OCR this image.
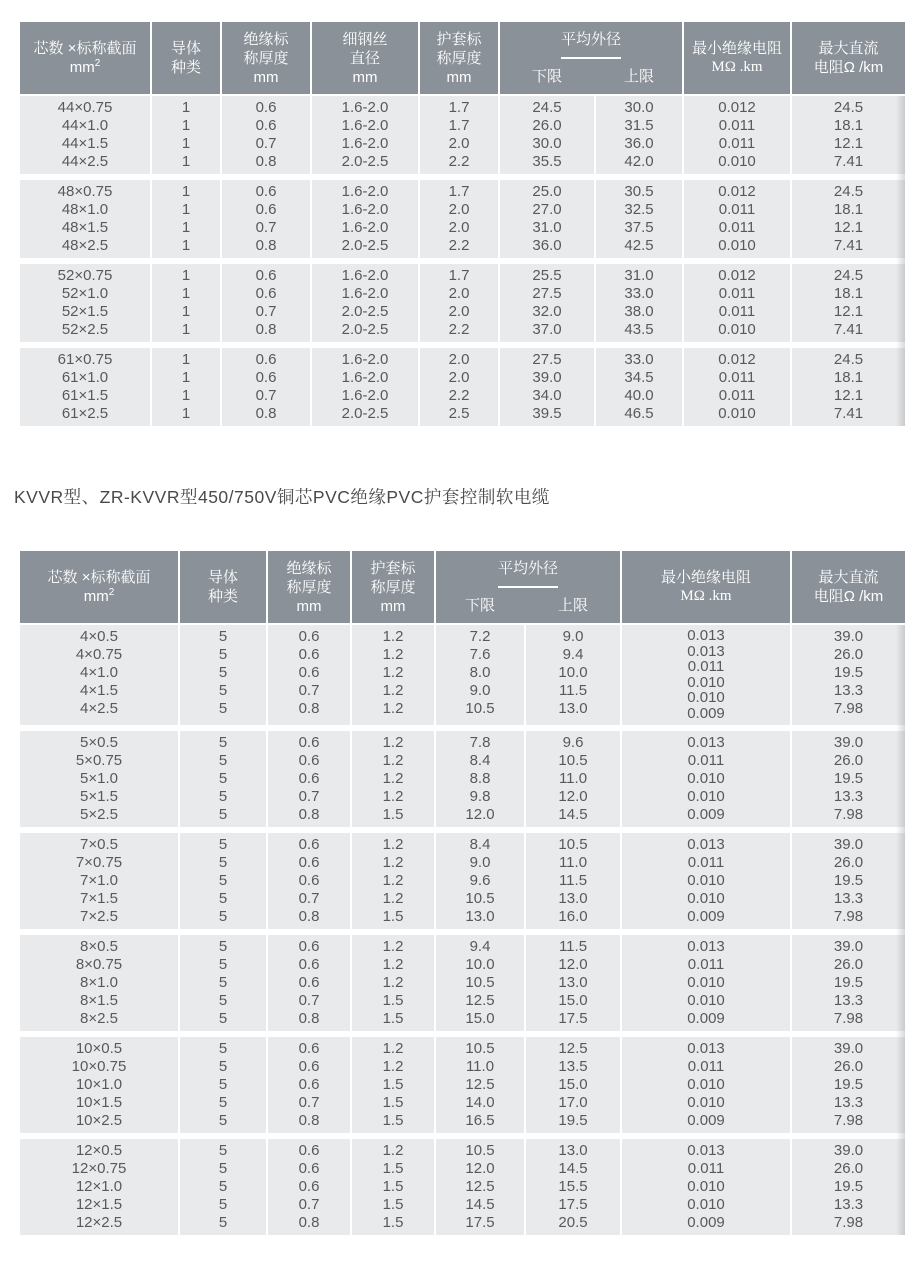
芯数 ×标称截面
$mm^2$
导体
种类
绝缘标
称厚度
mm
细钢丝
直径
mm
护套标
称厚度
mm
平均外径
下限	上限
最小绝缘电阻
MΩ .km
最大直流
电阻Ω /km
44×0.75
44×1.0
44×1.5
44×2.5
1
1
1
1
0.6
0.6
0.7
0.8
1.6-2.0
1.6-2.0
1.6-2.0
2.0-2.5
1.7
1.7
2.0
2.2
24.5
26.0
30.0
35.5
30.0
31.5
36.0
42.0
0.012
0.011
0.011
0.010
24.5
18.1
12.1
7.41
48×0.75
48×1.0
48×1.5
48×2.5
1
1
1
1
0.6
0.6
0.7
0.8
1.6-2.0
1.6-2.0
1.6-2.0
2.0-2.5
1.7
2.0
2.0
2.2
25.0
27.0
31.0
36.0
30.5
32.5
37.5
42.5
0.012
0.011
0.011
0.010
24.5
18.1
12.1
7.41
52×0.75
52×1.0
52×1.5
52×2.5
1
1
1
1
0.6
0.6
0.7
0.8
1.6-2.0
1.6-2.0
2.0-2.5
2.0-2.5
1.7
2.0
2.0
2.2
25.5
27.5
32.0
37.0
31.0
33.0
38.0
43.5
0.012
0.011
0.011
0.010
24.5
18.1
12.1
7.41
61×0.75
61×1.0
61×1.5
61×2.5
1
1
1
1
0.6
0.6
0.7
0.8
1.6-2.0
1.6-2.0
1.6-2.0
2.0-2.5
2.0
2.0
2.2
2.5
27.5
39.0
34.0
39.5
33.0
34.5
40.0
46.5
0.012
0.011
0.011
0.010
24.5
18.1
12.1
7.41
KVVR型、ZR-KVVR型450/750V铜芯PVC绝缘PVC护套控制软电缆
芯数 ×标称截面
$mm^2$
导体
种类
绝缘标
称厚度
mm
护套标
称厚度
mm
平均外径
下限	上限
最小绝缘电阻
MΩ .km
最大直流
电阻Ω /km
4×0.5
4×0.75
4×1.0
4×1.5
4×2.5
5
5
5
5
5
0.6
0.6
0.6
0.7
0.8
1.2
1.2
1.2
1.2
1.2
7.2
7.6
8.0
9.0
10.5
9.0
9.4
10.0
11.5
13.0
0.013
0.013
0.011
0.010
0.010
0.009
39.0
26.0
19.5
13.3
7.98
5×0.5
5×0.75
5×1.0
5×1.5
5×2.5
5
5
5
5
5
0.6
0.6
0.6
0.7
0.8
1.2
1.2
1.2
1.2
1.5
7.8
8.4
8.8
9.8
12.0
9.6
10.5
11.0
12.0
14.5
0.013
0.011
0.010
0.010
0.009
39.0
26.0
19.5
13.3
7.98
7×0.5
7×0.75
7×1.0
7×1.5
7×2.5
5
5
5
5
5
0.6
0.6
0.6
0.7
0.8
1.2
1.2
1.2
1.2
1.5
8.4
9.0
9.6
10.5
13.0
10.5
11.0
11.5
13.0
16.0
0.013
0.011
0.010
0.010
0.009
39.0
26.0
19.5
13.3
7.98
8×0.5
8×0.75
8×1.0
8×1.5
8×2.5
5
5
5
5
5
0.6
0.6
0.6
0.7
0.8
1.2
1.2
1.2
1.5
1.5
9.4
10.0
10.5
12.5
15.0
11.5
12.0
13.0
15.0
17.5
0.013
0.011
0.010
0.010
0.009
39.0
26.0
19.5
13.3
7.98
10×0.5
10×0.75
10×1.0
10×1.5
10×2.5
5
5
5
5
5
0.6
0.6
0.6
0.7
0.8
1.2
1.2
1.5
1.5
1.5
10.5
11.0
12.5
14.0
16.5
12.5
13.5
15.0
17.0
19.5
0.013
0.011
0.010
0.010
0.009
39.0
26.0
19.5
13.3
7.98
12×0.5
12×0.75
12×1.0
12×1.5
12×2.5
5
5
5
5
5
0.6
0.6
0.6
0.7
0.8
1.2
1.5
1.5
1.5
1.5
10.5
12.0
12.5
14.5
17.5
13.0
14.5
15.5
17.5
20.5
0.013
0.011
0.010
0.010
0.009
39.0
26.0
19.5
13.3
7.98
